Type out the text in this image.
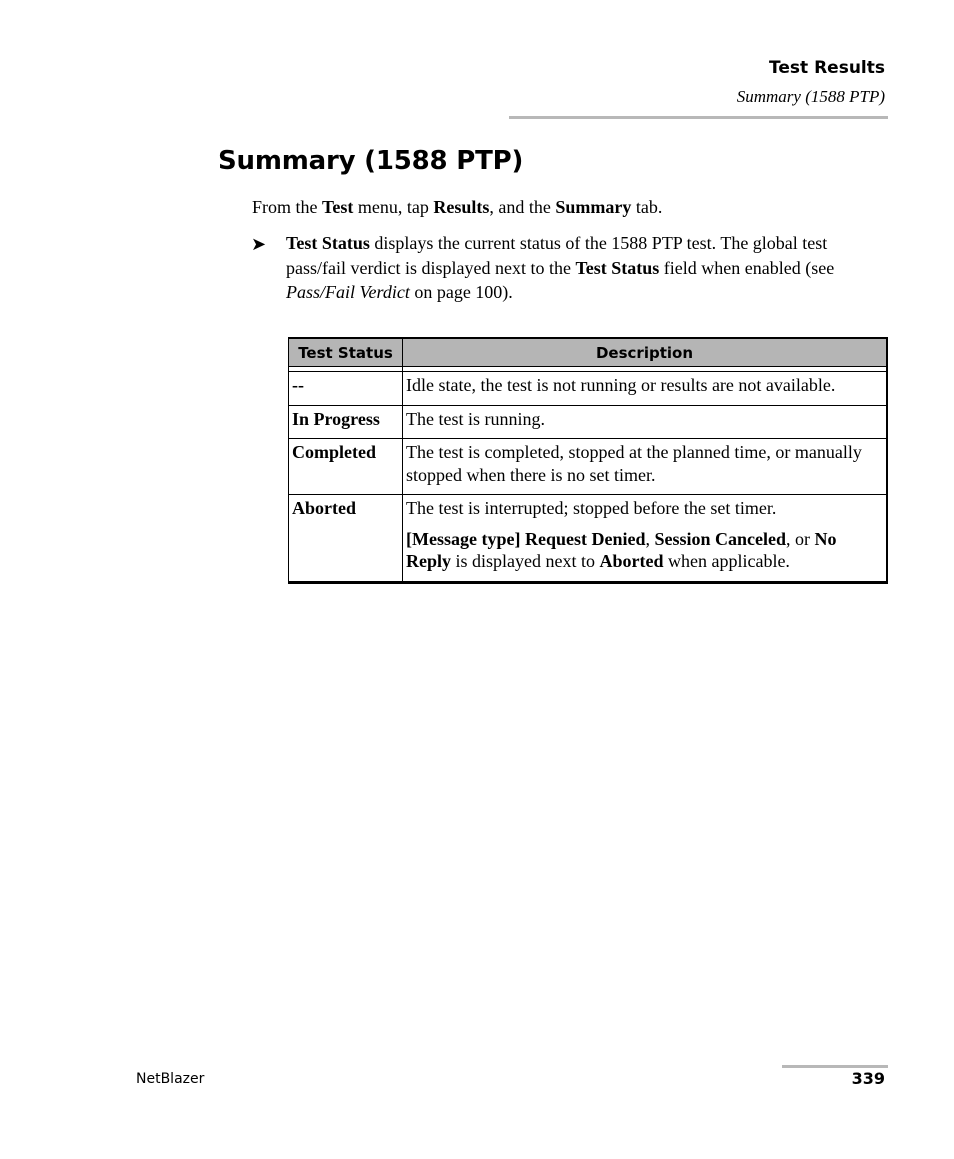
Test Results
Summary (1588 PTP)
Summary (1588 PTP)

From the Test menu, tap Results, and the Summary tab.

➤ Test Status displays the current status of the 1588 PTP test. The global test pass/fail verdict is displayed next to the Test Status field when enabled (see Pass/Fail Verdict on page 100).

Test Status	Description

--	Idle state, the test is not running or results are not available.
In Progress	The test is running.
Completed	The test is completed, stopped at the planned time, or manually stopped when there is no set timer.
Aborted	The test is interrupted; stopped before the set timer.

[Message type] Request Denied, Session Canceled, or No Reply is displayed next to Aborted when applicable.

NetBlazer	339
